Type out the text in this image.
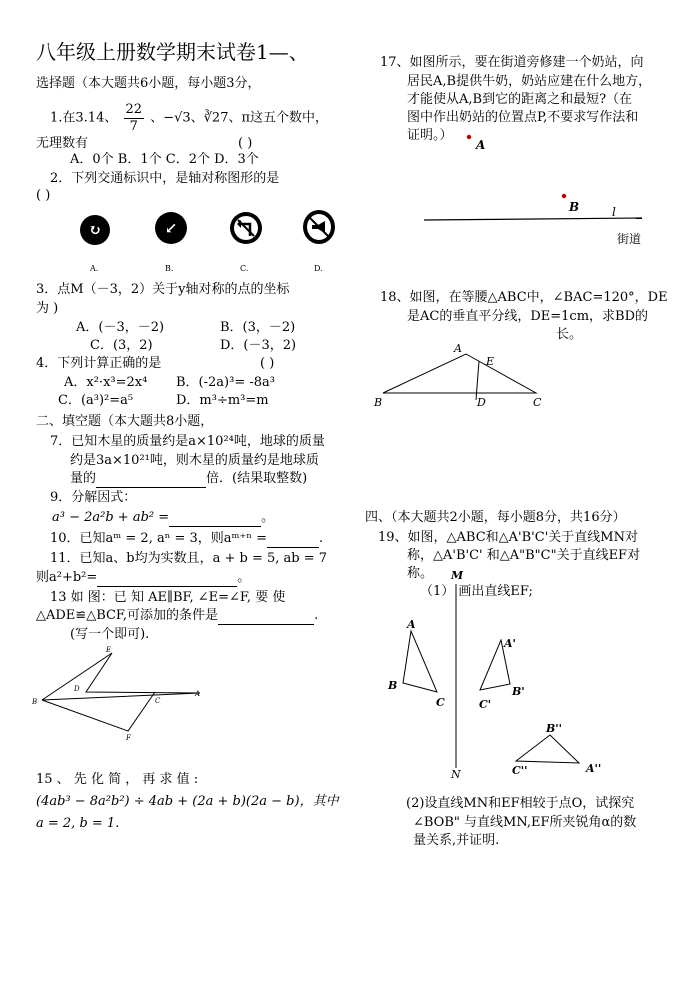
八年级上册数学期末试卷1—、
选择题（本大题共6小题，每小题3分，
1.在3.14、 $\frac{22}{7}$ 、−√3、∛27、π这五个数中，
无理数有	( )
A．0个 B．1个 C．2个 D．3个
2．下列交通标识中，是轴对称图形的是
( )
↻	↙
A.	B.	C.	D.
3．点M（－3，2）关于y轴对称的点的坐标
为 )
A．(－3，－2)	B．(3，－2)
C．(3，2)	D．(－3，2)
4．下列计算正确的是	( )
A．x²·x³=2x⁴ B．(-2a)³= -8a³
C．(a³)²=a⁵	D．m³÷m³=m
二、填空题（本大题共8小题，
7．已知木星的质量约是a×10²⁴吨，地球的质量
约是3a×10²¹吨，则木星的质量约是地球质
量的	倍．(结果取整数)
9．分解因式：
a³ − 2a²b + ab² =	。
10．已知aᵐ = 2, aⁿ = 3，则aᵐ⁺ⁿ =	.
11．已知a、b均为实数且，a + b = 5, ab = 7
则a²+b²=	。
13 如 图：已 知 AE∥BF, ∠E=∠F, 要 使
△ADE≌△BCF,可添加的条件是	.
(写一个即可).
E
D
B	C
A
F
15 、 先 化 简 ， 再 求 值 :
(4ab³ − 8a²b²) ÷ 4ab + (2a + b)(2a − b)，其中
a = 2, b = 1.
17、如图所示，要在街道旁修建一个奶站，向
居民A,B提供牛奶，奶站应建在什么地方，
才能使从A,B到它的距离之和最短?（在
图中作出奶站的位置点P,不要求写作法和
证明。）
A
B	l
街道
18、如图，在等腰△ABC中，∠BAC=120°，DE
是AC的垂直平分线，DE=1cm，求BD的
长。
A
E
B	D	C
四、（本大题共2小题，每小题8分，共16分）
19、如图，△ABC和△A'B'C'关于直线MN对
称，△A'B'C' 和△A"B"C"关于直线EF对
称。
（1） 画出直线EF;
M
N
A
B
C
A'
B'
C'
B''
C''	A''
(2)设直线MN和EF相较于点O，试探究
∠BOB" 与直线MN,EF所夹锐角α的数
量关系,并证明.
